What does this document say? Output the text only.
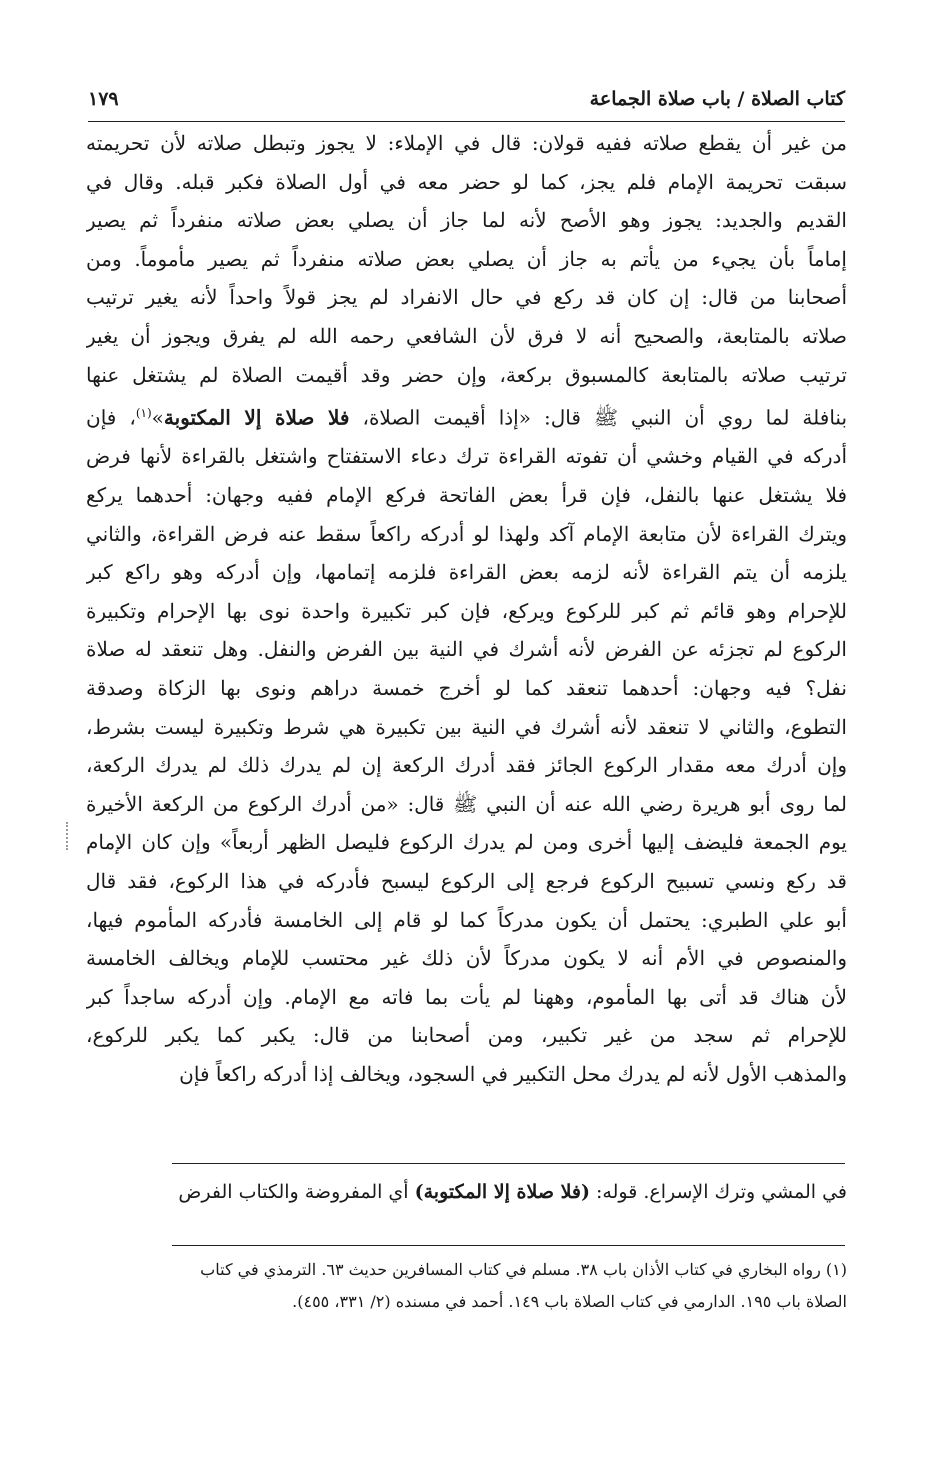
كتاب الصلاة / باب صلاة الجماعة
١٧٩
من غير أن يقطع صلاته ففيه قولان: قال في الإملاء: لا يجوز وتبطل صلاته لأن تحريمته
سبقت تحريمة الإمام فلم يجز، كما لو حضر معه في أول الصلاة فكبر قبله. وقال في
القديم والجديد: يجوز وهو الأصح لأنه لما جاز أن يصلي بعض صلاته منفرداً ثم يصير
إماماً بأن يجيء من يأتم به جاز أن يصلي بعض صلاته منفرداً ثم يصير مأموماً. ومن
أصحابنا من قال: إن كان قد ركع في حال الانفراد لم يجز قولاً واحداً لأنه يغير ترتيب
صلاته بالمتابعة، والصحيح أنه لا فرق لأن الشافعي رحمه الله لم يفرق ويجوز أن يغير
ترتيب صلاته بالمتابعة كالمسبوق بركعة، وإن حضر وقد أقيمت الصلاة لم يشتغل عنها
بنافلة لما روي أن النبي ﷺ قال: «إذا أقيمت الصلاة، فلا صلاة إلا المكتوبة»$^{(١)}$، فإن
أدركه في القيام وخشي أن تفوته القراءة ترك دعاء الاستفتاح واشتغل بالقراءة لأنها فرض
فلا يشتغل عنها بالنفل، فإن قرأ بعض الفاتحة فركع الإمام ففيه وجهان: أحدهما يركع
ويترك القراءة لأن متابعة الإمام آكد ولهذا لو أدركه راكعاً سقط عنه فرض القراءة، والثاني
يلزمه أن يتم القراءة لأنه لزمه بعض القراءة فلزمه إتمامها، وإن أدركه وهو راكع كبر
للإحرام وهو قائم ثم كبر للركوع ويركع، فإن كبر تكبيرة واحدة نوى بها الإحرام وتكبيرة
الركوع لم تجزئه عن الفرض لأنه أشرك في النية بين الفرض والنفل. وهل تنعقد له صلاة
نفل؟ فيه وجهان: أحدهما تنعقد كما لو أخرج خمسة دراهم ونوى بها الزكاة وصدقة
التطوع، والثاني لا تنعقد لأنه أشرك في النية بين تكبيرة هي شرط وتكبيرة ليست بشرط،
وإن أدرك معه مقدار الركوع الجائز فقد أدرك الركعة إن لم يدرك ذلك لم يدرك الركعة،
لما روى أبو هريرة رضي الله عنه أن النبي ﷺ قال: «من أدرك الركوع من الركعة الأخيرة
يوم الجمعة فليضف إليها أخرى ومن لم يدرك الركوع فليصل الظهر أربعاً» وإن كان الإمام
قد ركع ونسي تسبيح الركوع فرجع إلى الركوع ليسبح فأدركه في هذا الركوع، فقد قال
أبو علي الطبري: يحتمل أن يكون مدركاً كما لو قام إلى الخامسة فأدركه المأموم فيها،
والمنصوص في الأم أنه لا يكون مدركاً لأن ذلك غير محتسب للإمام ويخالف الخامسة
لأن هناك قد أتى بها المأموم، وههنا لم يأت بما فاته مع الإمام. وإن أدركه ساجداً كبر
للإحرام ثم سجد من غير تكبير، ومن أصحابنا من قال: يكبر كما يكبر للركوع،
والمذهب الأول لأنه لم يدرك محل التكبير في السجود، ويخالف إذا أدركه راكعاً فإن
في المشي وترك الإسراع. قوله: (فلا صلاة إلا المكتوبة) أي المفروضة والكتاب الفرض
(١) رواه البخاري في كتاب الأذان باب ٣٨. مسلم في كتاب المسافرين حديث ٦٣. الترمذي في كتاب
الصلاة باب ١٩٥. الدارمي في كتاب الصلاة باب ١٤٩. أحمد في مسنده (٢/ ٣٣١، ٤٥٥).
